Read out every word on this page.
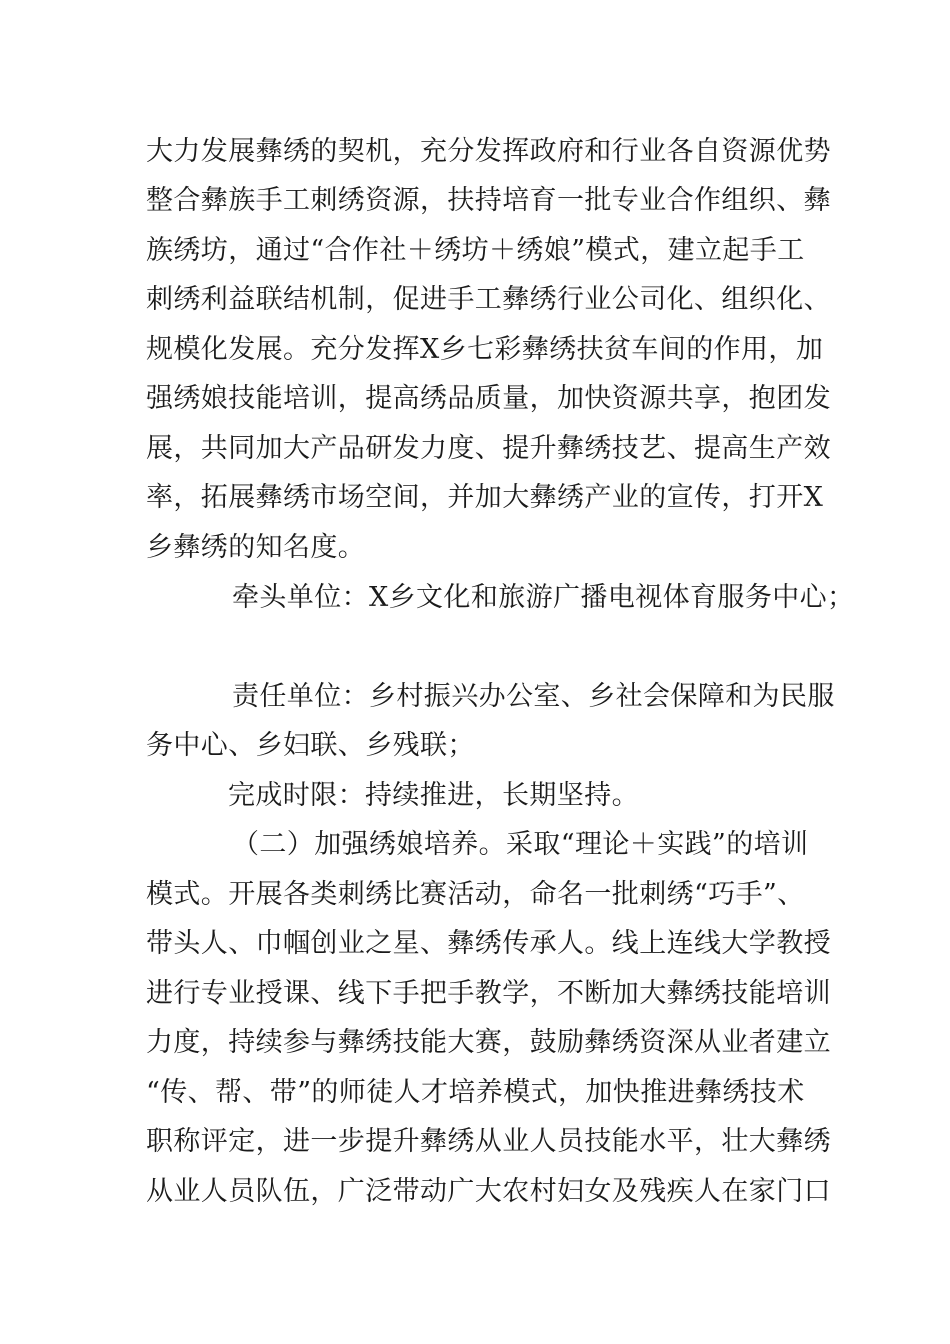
大力发展彝绣的契机，充分发挥政府和行业各自资源优势
整合彝族手工刺绣资源，扶持培育一批专业合作组织、彝
族绣坊，通过“合作社＋绣坊＋绣娘”模式，建立起手工
刺绣利益联结机制，促进手工彝绣行业公司化、组织化、
规模化发展。充分发挥X乡七彩彝绣扶贫车间的作用，加
强绣娘技能培训，提高绣品质量，加快资源共享，抱团发
展，共同加大产品研发力度、提升彝绣技艺、提高生产效
率，拓展彝绣市场空间，并加大彝绣产业的宣传，打开X
乡彝绣的知名度。
牵头单位：X乡文化和旅游广播电视体育服务中心；
责任单位：乡村振兴办公室、乡社会保障和为民服
务中心、乡妇联、乡残联；
完成时限：持续推进，长期坚持。
（二）加强绣娘培养。采取“理论＋实践”的培训
模式。开展各类刺绣比赛活动，命名一批刺绣“巧手”、
带头人、巾帼创业之星、彝绣传承人。线上连线大学教授
进行专业授课、线下手把手教学，不断加大彝绣技能培训
力度，持续参与彝绣技能大赛，鼓励彝绣资深从业者建立
“传、帮、带”的师徒人才培养模式，加快推进彝绣技术
职称评定，进一步提升彝绣从业人员技能水平，壮大彝绣
从业人员队伍，广泛带动广大农村妇女及残疾人在家门口
